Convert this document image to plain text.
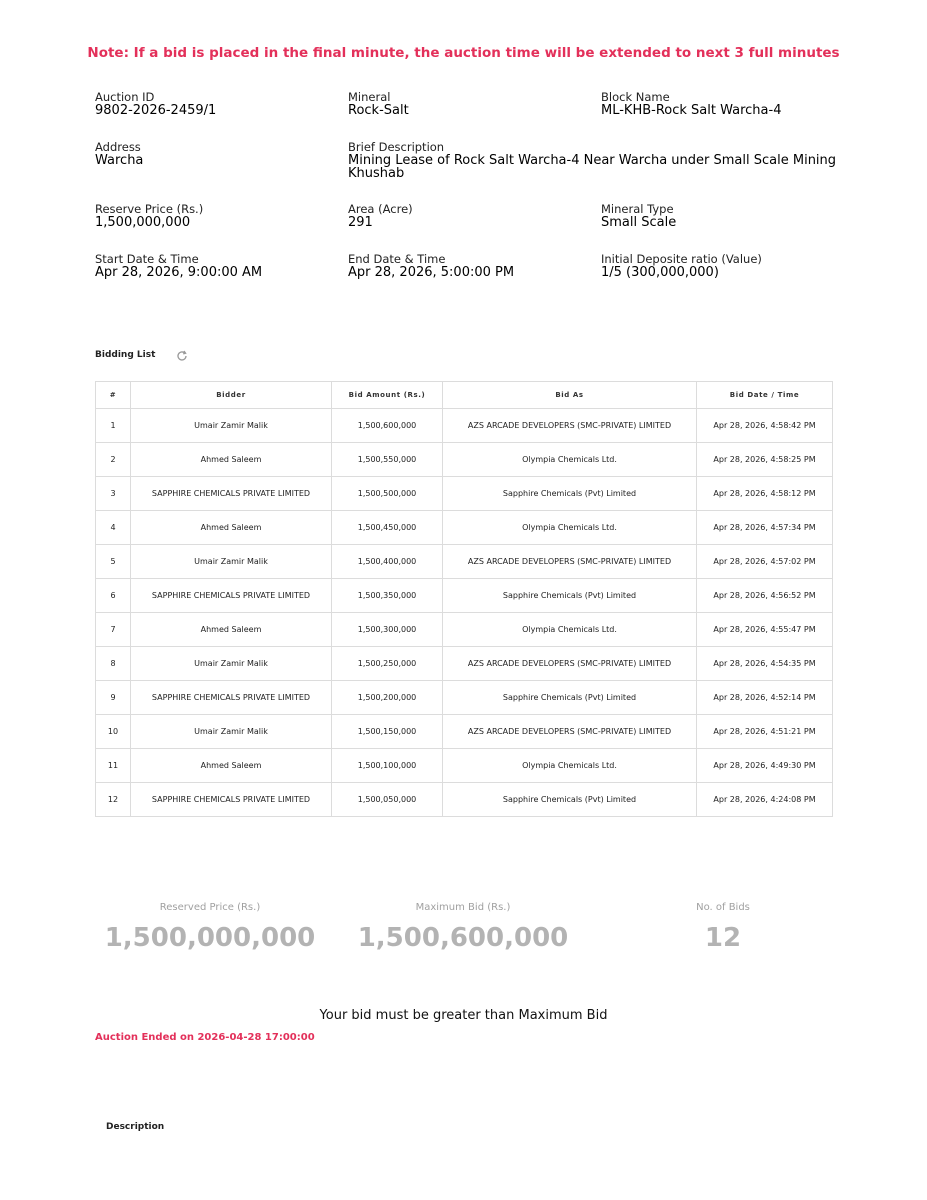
Note: If a bid is placed in the final minute, the auction time will be extended to next 3 full minutes
Auction ID
9802-2026-2459/1
Mineral
Rock-Salt
Block Name
ML-KHB-Rock Salt Warcha-4
Address
Warcha
Brief Description
Mining Lease of Rock Salt Warcha-4 Near Warcha under Small Scale Mining Khushab
Reserve Price (Rs.)
1,500,000,000
Area (Acre)
291
Mineral Type
Small Scale
Start Date & Time
Apr 28, 2026, 9:00:00 AM
End Date & Time
Apr 28, 2026, 5:00:00 PM
Initial Deposite ratio (Value)
1/5 (300,000,000)
Bidding List
#	Bidder	Bid Amount (Rs.)	Bid As	Bid Date / Time
1	Umair Zamir Malik	1,500,600,000	AZS ARCADE DEVELOPERS (SMC-PRIVATE) LIMITED	Apr 28, 2026, 4:58:42 PM
2	Ahmed Saleem	1,500,550,000	Olympia Chemicals Ltd.	Apr 28, 2026, 4:58:25 PM
3	SAPPHIRE CHEMICALS PRIVATE LIMITED	1,500,500,000	Sapphire Chemicals (Pvt) Limited	Apr 28, 2026, 4:58:12 PM
4	Ahmed Saleem	1,500,450,000	Olympia Chemicals Ltd.	Apr 28, 2026, 4:57:34 PM
5	Umair Zamir Malik	1,500,400,000	AZS ARCADE DEVELOPERS (SMC-PRIVATE) LIMITED	Apr 28, 2026, 4:57:02 PM
6	SAPPHIRE CHEMICALS PRIVATE LIMITED	1,500,350,000	Sapphire Chemicals (Pvt) Limited	Apr 28, 2026, 4:56:52 PM
7	Ahmed Saleem	1,500,300,000	Olympia Chemicals Ltd.	Apr 28, 2026, 4:55:47 PM
8	Umair Zamir Malik	1,500,250,000	AZS ARCADE DEVELOPERS (SMC-PRIVATE) LIMITED	Apr 28, 2026, 4:54:35 PM
9	SAPPHIRE CHEMICALS PRIVATE LIMITED	1,500,200,000	Sapphire Chemicals (Pvt) Limited	Apr 28, 2026, 4:52:14 PM
10	Umair Zamir Malik	1,500,150,000	AZS ARCADE DEVELOPERS (SMC-PRIVATE) LIMITED	Apr 28, 2026, 4:51:21 PM
11	Ahmed Saleem	1,500,100,000	Olympia Chemicals Ltd.	Apr 28, 2026, 4:49:30 PM
12	SAPPHIRE CHEMICALS PRIVATE LIMITED	1,500,050,000	Sapphire Chemicals (Pvt) Limited	Apr 28, 2026, 4:24:08 PM
Reserved Price (Rs.)
1,500,000,000
Maximum Bid (Rs.)
1,500,600,000
No. of Bids
12
Your bid must be greater than Maximum Bid
Auction Ended on 2026-04-28 17:00:00
Description
